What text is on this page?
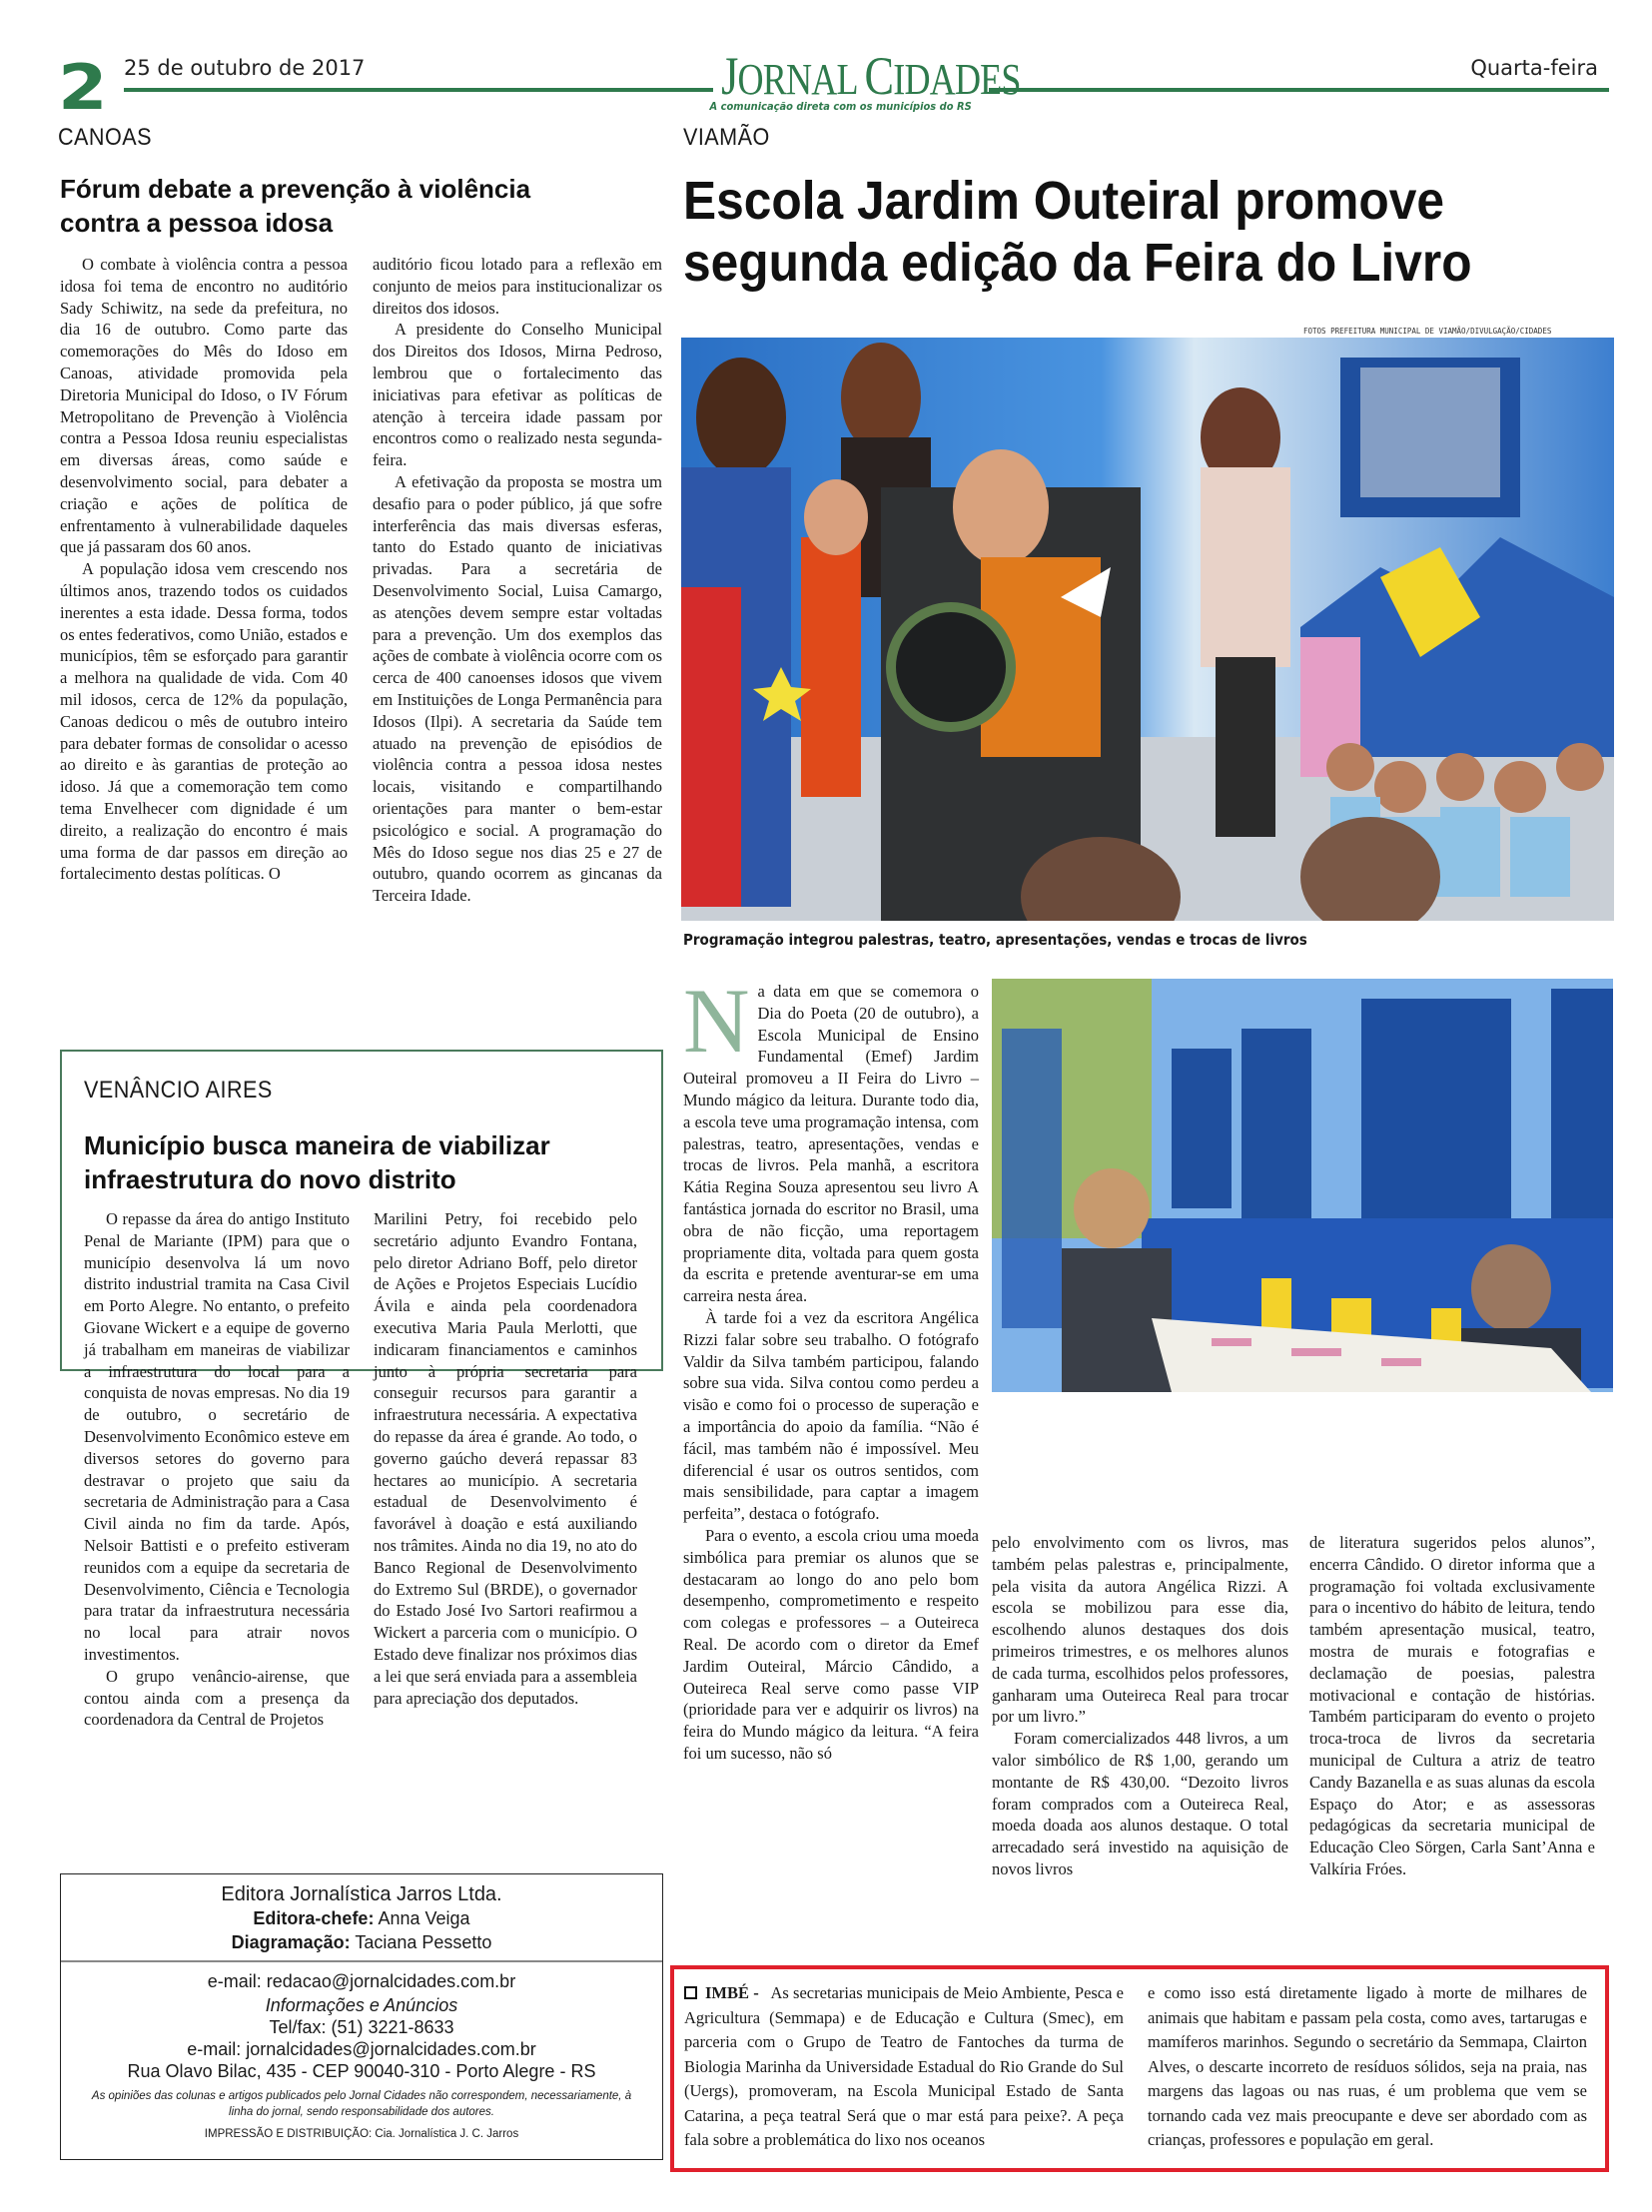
2 25 de outubro de 2017	JORNAL CIDADES
A comunicação direta com os municípios do RS
Quarta-feira
CANOAS
Fórum debate a prevenção à violência
contra a pessoa idosa

O combate à violência contra a pessoa idosa foi tema de encontro no auditório Sady Schiwitz, na sede da prefeitura, no dia 16 de outubro. Como parte das comemorações do Mês do Idoso em Canoas, atividade promovida pela Diretoria Municipal do Idoso, o IV Fórum Metropolitano de Prevenção à Violência contra a Pessoa Idosa reuniu especialistas em diversas áreas, como saúde e desenvolvimento social, para debater a criação e ações de política de enfrentamento à vulnerabilidade daqueles que já passaram dos 60 anos.

A população idosa vem crescendo nos últimos anos, trazendo todos os cuidados inerentes a esta idade. Dessa forma, todos os entes federativos, como União, estados e municípios, têm se esforçado para garantir a melhora na qualidade de vida. Com 40 mil idosos, cerca de 12% da população, Canoas dedicou o mês de outubro inteiro para debater formas de consolidar o acesso ao direito e às garantias de proteção ao idoso. Já que a comemoração tem como tema Envelhecer com dignidade é um direito, a realização do encontro é mais uma forma de dar passos em direção ao fortalecimento destas políticas. O

auditório ficou lotado para a reflexão em conjunto de meios para institucionalizar os direitos dos idosos.

A presidente do Conselho Municipal dos Direitos dos Idosos, Mirna Pedroso, lembrou que o fortalecimento das iniciativas para efetivar as políticas de atenção à terceira idade passam por encontros como o realizado nesta segunda-feira.

A efetivação da proposta se mostra um desafio para o poder público, já que sofre interferência das mais diversas esferas, tanto do Estado quanto de iniciativas privadas. Para a secretária de Desenvolvimento Social, Luisa Camargo, as atenções devem sempre estar voltadas para a prevenção. Um dos exemplos das ações de combate à violência ocorre com os cerca de 400 canoenses idosos que vivem em Instituições de Longa Permanência para Idosos (Ilpi). A secretaria da Saúde tem atuado na prevenção de episódios de violência contra a pessoa idosa nestes locais, visitando e compartilhando orientações para manter o bem-estar psicológico e social. A programação do Mês do Idoso segue nos dias 25 e 27 de outubro, quando ocorrem as gincanas da Terceira Idade.

VENÂNCIO AIRES
Município busca maneira de viabilizar
infraestrutura do novo distrito

O repasse da área do antigo Instituto Penal de Mariante (IPM) para que o município desenvolva lá um novo distrito industrial tramita na Casa Civil em Porto Alegre. No entanto, o prefeito Giovane Wickert e a equipe de governo já trabalham em maneiras de viabilizar a infraestrutura do local para a conquista de novas empresas. No dia 19 de outubro, o secretário de Desenvolvimento Econômico esteve em diversos setores do governo para destravar o projeto que saiu da secretaria de Administração para a Casa Civil ainda no fim da tarde. Após, Nelsoir Battisti e o prefeito estiveram reunidos com a equipe da secretaria de Desenvolvimento, Ciência e Tecnologia para tratar da infraestrutura necessária no local para atrair novos investimentos.

O grupo venâncio-airense, que contou ainda com a presença da coordenadora da Central de Projetos

Marilini Petry, foi recebido pelo secretário adjunto Evandro Fontana, pelo diretor Adriano Boff, pelo diretor de Ações e Projetos Especiais Lucídio Ávila e ainda pela coordenadora executiva Maria Paula Merlotti, que indicaram financiamentos e caminhos junto à própria secretaria para conseguir recursos para garantir a infraestrutura necessária. A expectativa do repasse da área é grande. Ao todo, o governo gaúcho deverá repassar 83 hectares ao município. A secretaria estadual de Desenvolvimento é favorável à doação e está auxiliando nos trâmites. Ainda no dia 19, no ato do Banco Regional de Desenvolvimento do Extremo Sul (BRDE), o governador do Estado José Ivo Sartori reafirmou a Wickert a parceria com o município. O Estado deve finalizar nos próximos dias a lei que será enviada para a assembleia para apreciação dos deputados.

Editora Jornalística Jarros Ltda.
Editora-chefe: Anna Veiga
Diagramação: Taciana Pessetto
e-mail: redacao@jornalcidades.com.br
Informações e Anúncios
Tel/fax: (51) 3221-8633
e-mail: jornalcidades@jornalcidades.com.br
Rua Olavo Bilac, 435 - CEP 90040-310 - Porto Alegre - RS
As opiniões das colunas e artigos publicados pelo Jornal Cidades não correspondem, necessariamente, à linha do jornal, sendo responsabilidade dos autores.
IMPRESSÃO E DISTRIBUIÇÃO: Cia. Jornalística J. C. Jarros
VIAMÃO
Escola Jardim Outeiral promove
segunda edição da Feira do Livro
FOTOS PREFEITURA MUNICIPAL DE VIAMÃO/DIVULGAÇÃO/CIDADES
Programação integrou palestras, teatro, apresentações, vendas e trocas de livros

Na data em que se comemora o Dia do Poeta (20 de outubro), a Escola Municipal de Ensino Fundamental (Emef) Jardim Outeiral promoveu a II Feira do Livro – Mundo mágico da leitura. Durante todo dia, a escola teve uma programação intensa, com palestras, teatro, apresentações, vendas e trocas de livros. Pela manhã, a escritora Kátia Regina Souza apresentou seu livro A fantástica jornada do escritor no Brasil, uma obra de não ficção, uma reportagem propriamente dita, voltada para quem gosta da escrita e pretende aventurar-se em uma carreira nesta área.

À tarde foi a vez da escritora Angélica Rizzi falar sobre seu trabalho. O fotógrafo Valdir da Silva também participou, falando sobre sua vida. Silva contou como perdeu a visão e como foi o processo de superação e a importância do apoio da família. “Não é fácil, mas também não é impossível. Meu diferencial é usar os outros sentidos, com mais sensibilidade, para captar a imagem perfeita”, destaca o fotógrafo.

Para o evento, a escola criou uma moeda simbólica para premiar os alunos que se destacaram ao longo do ano pelo bom desempenho, comprometimento e respeito com colegas e professores – a Outeireca Real. De acordo com o diretor da Emef Jardim Outeiral, Márcio Cândido, a Outeireca Real serve como passe VIP (prioridade para ver e adquirir os livros) na feira do Mundo mágico da leitura. “A feira foi um sucesso, não só

pelo envolvimento com os livros, mas também pelas palestras e, principalmente, pela visita da autora Angélica Rizzi. A escola se mobilizou para esse dia, escolhendo alunos destaques dos dois primeiros trimestres, e os melhores alunos de cada turma, escolhidos pelos professores, ganharam uma Outeireca Real para trocar por um livro.”

Foram comercializados 448 livros, a um valor simbólico de R$ 1,00, gerando um montante de R$ 430,00. “Dezoito livros foram comprados com a Outeireca Real, moeda doada aos alunos destaque. O total arrecadado será investido na aquisição de novos livros

de literatura sugeridos pelos alunos”, encerra Cândido. O diretor informa que a programação foi voltada exclusivamente para o incentivo do hábito de leitura, tendo também apresentação musical, teatro, mostra de murais e fotografias e declamação de poesias, palestra motivacional e contação de histórias. Também participaram do evento o projeto troca-troca de livros da secretaria municipal de Cultura a atriz de teatro Candy Bazanella e as suas alunas da escola Espaço do Ator; e as assessoras pedagógicas da secretaria municipal de Educação Cleo Sörgen, Carla Sant’Anna e Valkíria Fróes.

IMBÉ - As secretarias municipais de Meio Ambiente, Pesca e Agricultura (Semmapa) e de Educação e Cultura (Smec), em parceria com o Grupo de Teatro de Fantoches da turma de Biologia Marinha da Universidade Estadual do Rio Grande do Sul (Uergs), promoveram, na Escola Municipal Estado de Santa Catarina, a peça teatral Será que o mar está para peixe?. A peça fala sobre a problemática do lixo nos oceanos
e como isso está diretamente ligado à morte de milhares de animais que habitam e passam pela costa, como aves, tartarugas e mamíferos marinhos. Segundo o secretário da Semmapa, Clairton Alves, o descarte incorreto de resíduos sólidos, seja na praia, nas margens das lagoas ou nas ruas, é um problema que vem se tornando cada vez mais preocupante e deve ser abordado com as crianças, professores e população em geral.
